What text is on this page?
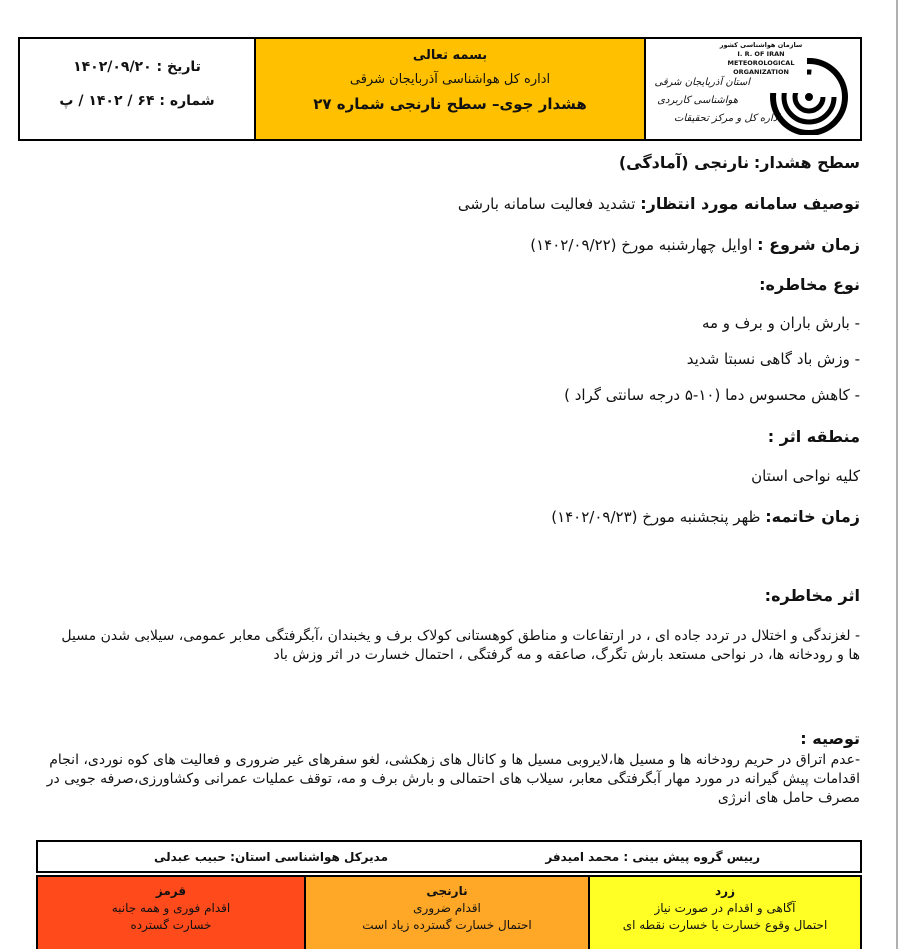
تاریخ : ۱۴۰۲/۰۹/۲۰
شماره : ۶۴ / ۱۴۰۲ / پ
بسمه تعالی
اداره کل هواشناسی آذربایجان شرقی
هشدار جوی– سطح نارنجی شماره ۲۷
سازمان هواشناسی کشور
I. R. OF IRAN
METEOROLOGICAL
ORGANIZATION
استان آذربایجان شرقی
هواشناسی کاربردی
اداره کل و مرکز تحقیقات
سطح هشدار: نارنجی (آمادگی)
توصیف سامانه مورد انتظار: تشدید فعالیت سامانه بارشی
زمان شروع : اوایل چهارشنبه مورخ (۱۴۰۲/۰۹/۲۲)
نوع مخاطره:
- بارش باران و برف و مه
- وزش باد گاهی نسبتا شدید
- کاهش محسوس دما (۱۰-۵ درجه سانتی گراد )
منطقه اثر :
کلیه نواحی استان
زمان خاتمه: ظهر پنجشنبه مورخ (۱۴۰۲/۰۹/۲۳)
اثر مخاطره:
- لغزندگی و اختلال در تردد جاده ای ، در ارتفاعات و مناطق کوهستانی کولاک برف و یخبندان ،آبگرفتگی معابر عمومی، سیلابی شدن مسیل ها و رودخانه ها، در نواحی مستعد بارش تگرگ، صاعقه و مه گرفتگی ، احتمال خسارت در اثر وزش باد
توصیه :
-عدم اتراق در حریم رودخانه ها و مسیل ها،لایروبی مسیل ها و کانال های زهکشی، لغو سفرهای غیر ضروری و فعالیت های کوه نوردی، انجام اقدامات پیش گیرانه در مورد مهار آبگرفتگی معابر، سیلاب های احتمالی و بارش برف و مه، توقف عملیات عمرانی وکشاورزی،صرفه جویی در مصرف حامل های انرژی
رییس گروه پیش بینی : محمد امیدفر
مدیرکل هواشناسی استان: حبیب عبدلی
قرمز
اقدام فوری و همه جانبه
خسارت گسترده
نارنجی
اقدام ضروری
احتمال خسارت گسترده زیاد است
زرد
آگاهی و اقدام در صورت نیاز
احتمال وقوع خسارت یا خسارت نقطه ای
